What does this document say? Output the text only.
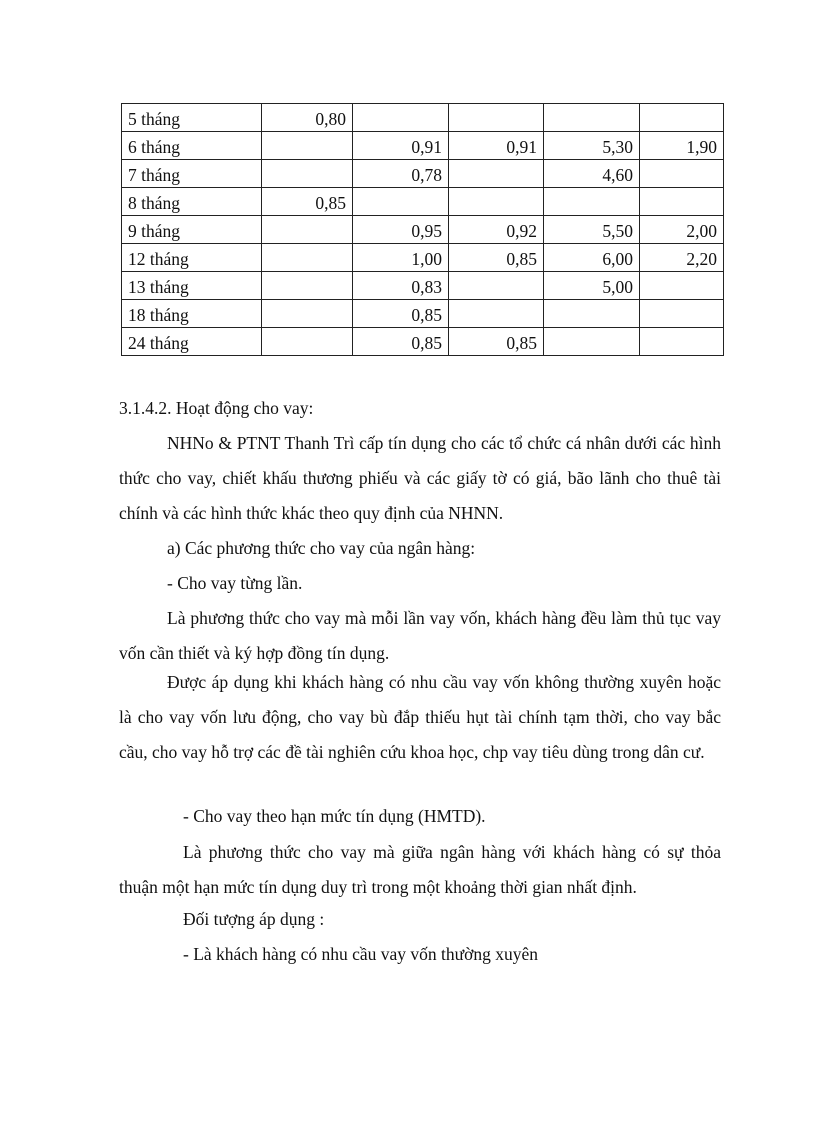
5 tháng	0,80				
6 tháng		0,91	0,91	5,30	1,90
7 tháng		0,78		4,60	
8 tháng	0,85				
9 tháng		0,95	0,92	5,50	2,00
12 tháng		1,00	0,85	6,00	2,20
13 tháng		0,83		5,00	
18 tháng		0,85			
24 tháng		0,85	0,85		

3.1.4.2. Hoạt động cho vay:

NHNo & PTNT Thanh Trì cấp tín dụng cho các tổ chức cá nhân dưới các hình thức cho vay, chiết khấu thương phiếu và các giấy tờ có giá, bão lãnh cho thuê tài chính và các hình thức khác theo quy định của NHNN.

a) Các phương thức cho vay của ngân hàng:

- Cho vay từng lần.

Là phương thức cho vay mà mỗi lần vay vốn, khách hàng đều làm thủ tục vay vốn cần thiết và ký hợp đồng tín dụng.

Được áp dụng khi khách hàng có nhu cầu vay vốn không thường xuyên hoặc là cho vay vốn lưu động, cho vay bù đắp thiếu hụt tài chính tạm thời, cho vay bắc cầu, cho vay hỗ trợ các đề tài nghiên cứu khoa học, chp vay tiêu dùng trong dân cư.

- Cho vay theo hạn mức tín dụng (HMTD).

Là phương thức cho vay mà giữa ngân hàng với khách hàng có sự thỏa thuận một hạn mức tín dụng duy trì trong một khoảng thời gian nhất định.

Đối tượng áp dụng :

- Là khách hàng có nhu cầu vay vốn thường xuyên
